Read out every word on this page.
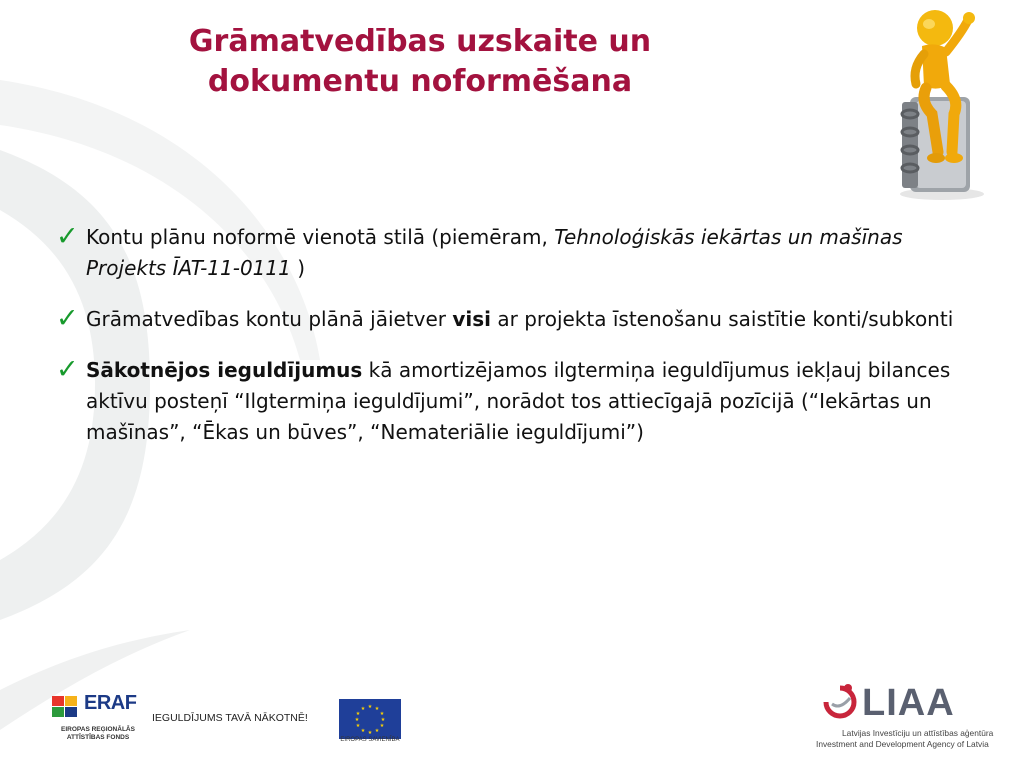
Grāmatvedības uzskaite un dokumentu noformēšana
✓ Kontu plānu noformē vienotā stilā (piemēram, Tehnoloģiskās iekārtas un mašīnas Projekts ĪAT-11-0111 )
✓ Grāmatvedības kontu plānā jāietver visi ar projekta īstenošanu saistītie konti/subkonti
✓ Sākotnējos ieguldījumus kā amortizējamos ilgtermiņa ieguldījumus iekļauj bilances aktīvu posteņī “Ilgtermiņa ieguldījumi”, norādot tos attiecīgajā pozīcijā (“Iekārtas un mašīnas”, “Ēkas un būves”, “Nemateriālie ieguldījumi”)
ERAF
EIROPAS REĢIONĀLĀS ATTĪSTĪBAS FONDS
IEGULDĪJUMS TAVĀ NĀKOTNĒ!
★ ★
★
★
★
★
★
★
★
★
★
★
EIROPAS SAVIENĪBA
LIAA
Latvijas Investīciju un attīstības aģentūra
Investment and Development Agency of Latvia
